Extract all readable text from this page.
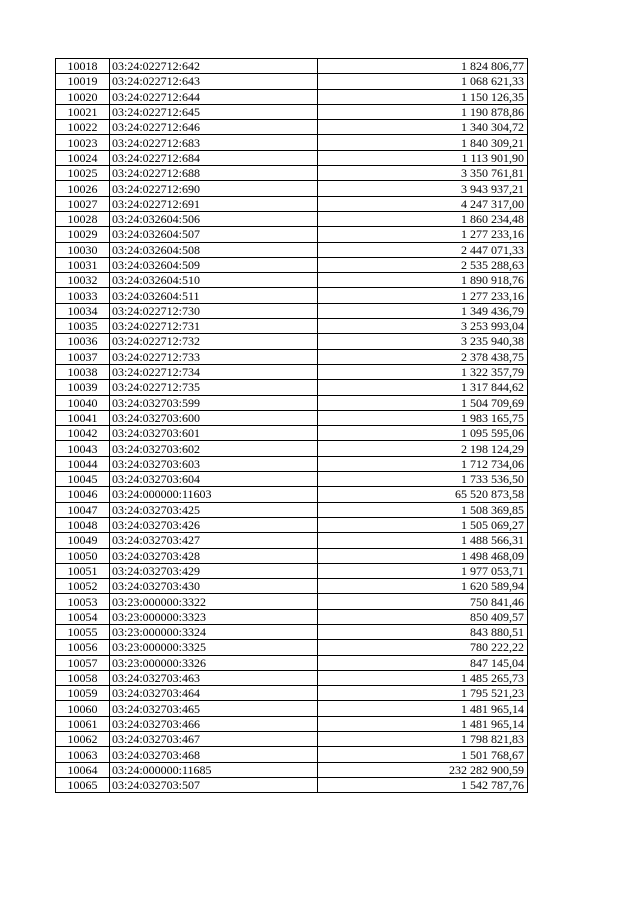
10018	03:24:022712:642	1 824 806,77
10019	03:24:022712:643	1 068 621,33
10020	03:24:022712:644	1 150 126,35
10021	03:24:022712:645	1 190 878,86
10022	03:24:022712:646	1 340 304,72
10023	03:24:022712:683	1 840 309,21
10024	03:24:022712:684	1 113 901,90
10025	03:24:022712:688	3 350 761,81
10026	03:24:022712:690	3 943 937,21
10027	03:24:022712:691	4 247 317,00
10028	03:24:032604:506	1 860 234,48
10029	03:24:032604:507	1 277 233,16
10030	03:24:032604:508	2 447 071,33
10031	03:24:032604:509	2 535 288,63
10032	03:24:032604:510	1 890 918,76
10033	03:24:032604:511	1 277 233,16
10034	03:24:022712:730	1 349 436,79
10035	03:24:022712:731	3 253 993,04
10036	03:24:022712:732	3 235 940,38
10037	03:24:022712:733	2 378 438,75
10038	03:24:022712:734	1 322 357,79
10039	03:24:022712:735	1 317 844,62
10040	03:24:032703:599	1 504 709,69
10041	03:24:032703:600	1 983 165,75
10042	03:24:032703:601	1 095 595,06
10043	03:24:032703:602	2 198 124,29
10044	03:24:032703:603	1 712 734,06
10045	03:24:032703:604	1 733 536,50
10046	03:24:000000:11603	65 520 873,58
10047	03:24:032703:425	1 508 369,85
10048	03:24:032703:426	1 505 069,27
10049	03:24:032703:427	1 488 566,31
10050	03:24:032703:428	1 498 468,09
10051	03:24:032703:429	1 977 053,71
10052	03:24:032703:430	1 620 589,94
10053	03:23:000000:3322	750 841,46
10054	03:23:000000:3323	850 409,57
10055	03:23:000000:3324	843 880,51
10056	03:23:000000:3325	780 222,22
10057	03:23:000000:3326	847 145,04
10058	03:24:032703:463	1 485 265,73
10059	03:24:032703:464	1 795 521,23
10060	03:24:032703:465	1 481 965,14
10061	03:24:032703:466	1 481 965,14
10062	03:24:032703:467	1 798 821,83
10063	03:24:032703:468	1 501 768,67
10064	03:24:000000:11685	232 282 900,59
10065	03:24:032703:507	1 542 787,76
